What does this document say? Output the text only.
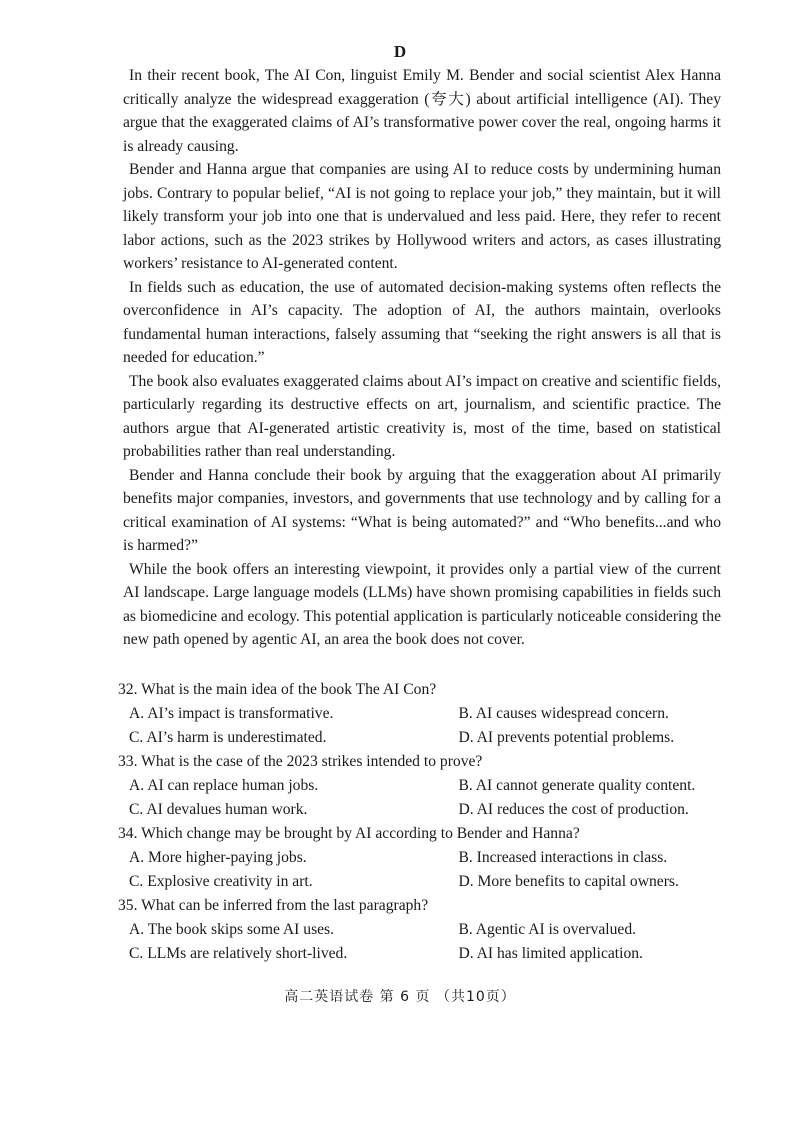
D

In their recent book, The AI Con, linguist Emily M. Bender and social scientist Alex Hanna critically analyze the widespread exaggeration (夸大) about artificial intelligence (AI). They argue that the exaggerated claims of AI’s transformative power cover the real, ongoing harms it is already causing.

Bender and Hanna argue that companies are using AI to reduce costs by undermining human jobs. Contrary to popular belief, “AI is not going to replace your job,” they maintain, but it will likely transform your job into one that is undervalued and less paid. Here, they refer to recent labor actions, such as the 2023 strikes by Hollywood writers and actors, as cases illustrating workers’ resistance to AI-generated content.

In fields such as education, the use of automated decision-making systems often reflects the overconfidence in AI’s capacity. The adoption of AI, the authors maintain, overlooks fundamental human interactions, falsely assuming that “seeking the right answers is all that is needed for education.”

The book also evaluates exaggerated claims about AI’s impact on creative and scientific fields, particularly regarding its destructive effects on art, journalism, and scientific practice. The authors argue that AI-generated artistic creativity is, most of the time, based on statistical probabilities rather than real understanding.

Bender and Hanna conclude their book by arguing that the exaggeration about AI primarily benefits major companies, investors, and governments that use technology and by calling for a critical examination of AI systems: “What is being automated?” and “Who benefits...and who is harmed?”

While the book offers an interesting viewpoint, it provides only a partial view of the current AI landscape. Large language models (LLMs) have shown promising capabilities in fields such as biomedicine and ecology. This potential application is particularly noticeable considering the new path opened by agentic AI, an area the book does not cover.

32. What is the main idea of the book The AI Con?

A. AI’s impact is transformative.	B. AI causes widespread concern.
C. AI’s harm is underestimated.	D. AI prevents potential problems.

33. What is the case of the 2023 strikes intended to prove?

A. AI can replace human jobs.	B. AI cannot generate quality content.
C. AI devalues human work.	D. AI reduces the cost of production.

34. Which change may be brought by AI according to Bender and Hanna?

A. More higher-paying jobs.	B. Increased interactions in class.
C. Explosive creativity in art.	D. More benefits to capital owners.

35. What can be inferred from the last paragraph?

A. The book skips some AI uses.	B. Agentic AI is overvalued.
C. LLMs are relatively short-lived.	D. AI has limited application.
高二英语试卷 第 6 页 （共10页）
